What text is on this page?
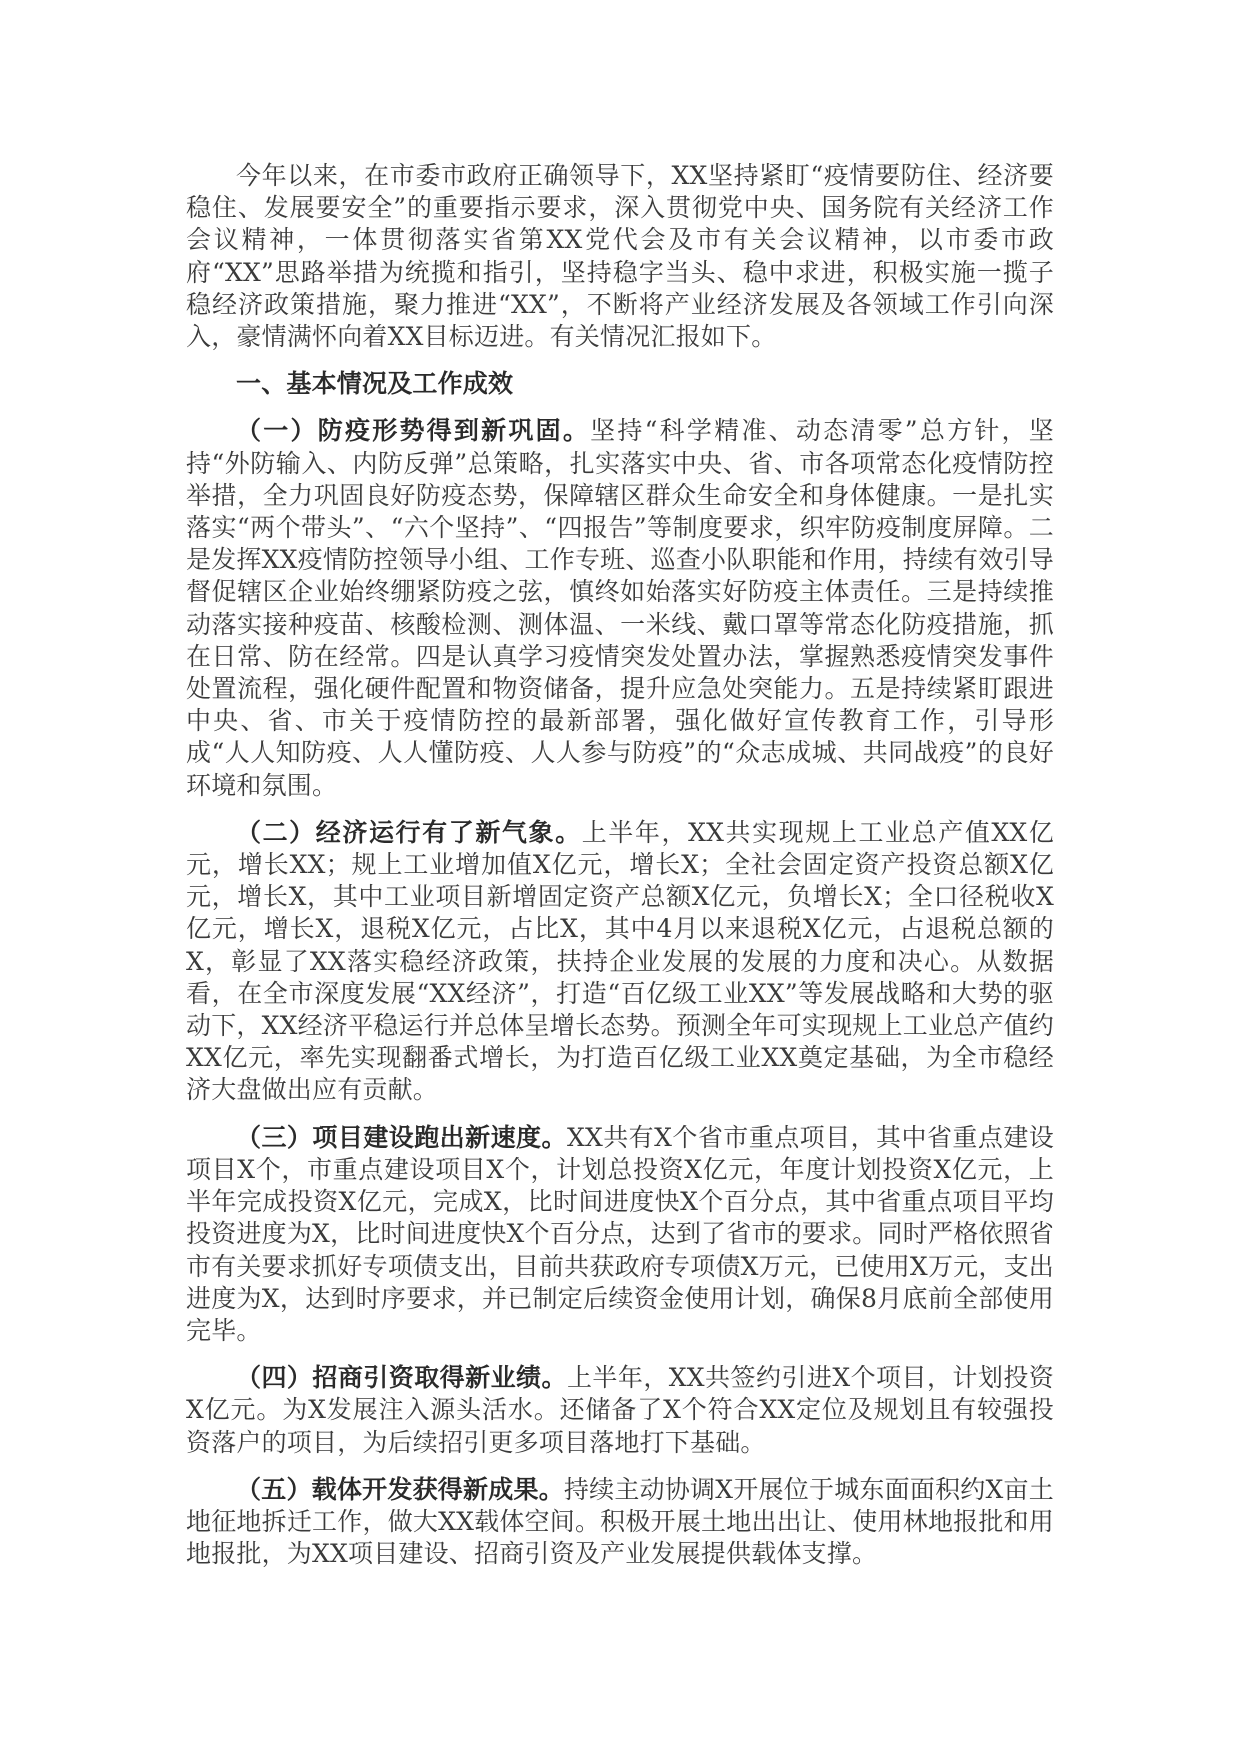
今年以来，在市委市政府正确领导下，XX坚持紧盯“疫情要防住、经济要稳住、发展要安全”的重要指示要求，深入贯彻党中央、国务院有关经济工作会议精神，一体贯彻落实省第XX党代会及市有关会议精神，以市委市政府“XX”思路举措为统揽和指引，坚持稳字当头、稳中求进，积极实施一揽子稳经济政策措施，聚力推进“XX”，不断将产业经济发展及各领域工作引向深入，豪情满怀向着XX目标迈进。有关情况汇报如下。

一、基本情况及工作成效

（一）防疫形势得到新巩固。坚持“科学精准、动态清零”总方针，坚持“外防输入、内防反弹”总策略，扎实落实中央、省、市各项常态化疫情防控举措，全力巩固良好防疫态势，保障辖区群众生命安全和身体健康。一是扎实落实“两个带头”、“六个坚持”、“四报告”等制度要求，织牢防疫制度屏障。二是发挥XX疫情防控领导小组、工作专班、巡查小队职能和作用，持续有效引导督促辖区企业始终绷紧防疫之弦，慎终如始落实好防疫主体责任。三是持续推动落实接种疫苗、核酸检测、测体温、一米线、戴口罩等常态化防疫措施，抓在日常、防在经常。四是认真学习疫情突发处置办法，掌握熟悉疫情突发事件处置流程，强化硬件配置和物资储备，提升应急处突能力。五是持续紧盯跟进中央、省、市关于疫情防控的最新部署，强化做好宣传教育工作，引导形成“人人知防疫、人人懂防疫、人人参与防疫”的“众志成城、共同战疫”的良好环境和氛围。

（二）经济运行有了新气象。上半年，XX共实现规上工业总产值XX亿元，增长XX；规上工业增加值X亿元，增长X；全社会固定资产投资总额X亿元，增长X，其中工业项目新增固定资产总额X亿元，负增长X；全口径税收X亿元，增长X，退税X亿元，占比X，其中4月以来退税X亿元，占退税总额的X，彰显了XX落实稳经济政策，扶持企业发展的发展的力度和决心。从数据看，在全市深度发展“XX经济”，打造“百亿级工业XX”等发展战略和大势的驱动下，XX经济平稳运行并总体呈增长态势。预测全年可实现规上工业总产值约XX亿元，率先实现翻番式增长，为打造百亿级工业XX奠定基础，为全市稳经济大盘做出应有贡献。

（三）项目建设跑出新速度。XX共有X个省市重点项目，其中省重点建设项目X个，市重点建设项目X个，计划总投资X亿元，年度计划投资X亿元，上半年完成投资X亿元，完成X，比时间进度快X个百分点，其中省重点项目平均投资进度为X，比时间进度快X个百分点，达到了省市的要求。同时严格依照省市有关要求抓好专项债支出，目前共获政府专项债X万元，已使用X万元，支出进度为X，达到时序要求，并已制定后续资金使用计划，确保8月底前全部使用完毕。

（四）招商引资取得新业绩。上半年，XX共签约引进X个项目，计划投资X亿元。为X发展注入源头活水。还储备了X个符合XX定位及规划且有较强投资落户的项目，为后续招引更多项目落地打下基础。

（五）载体开发获得新成果。持续主动协调X开展位于城东面面积约X亩土地征地拆迁工作，做大XX载体空间。积极开展土地出出让、使用林地报批和用地报批，为XX项目建设、招商引资及产业发展提供载体支撑。
